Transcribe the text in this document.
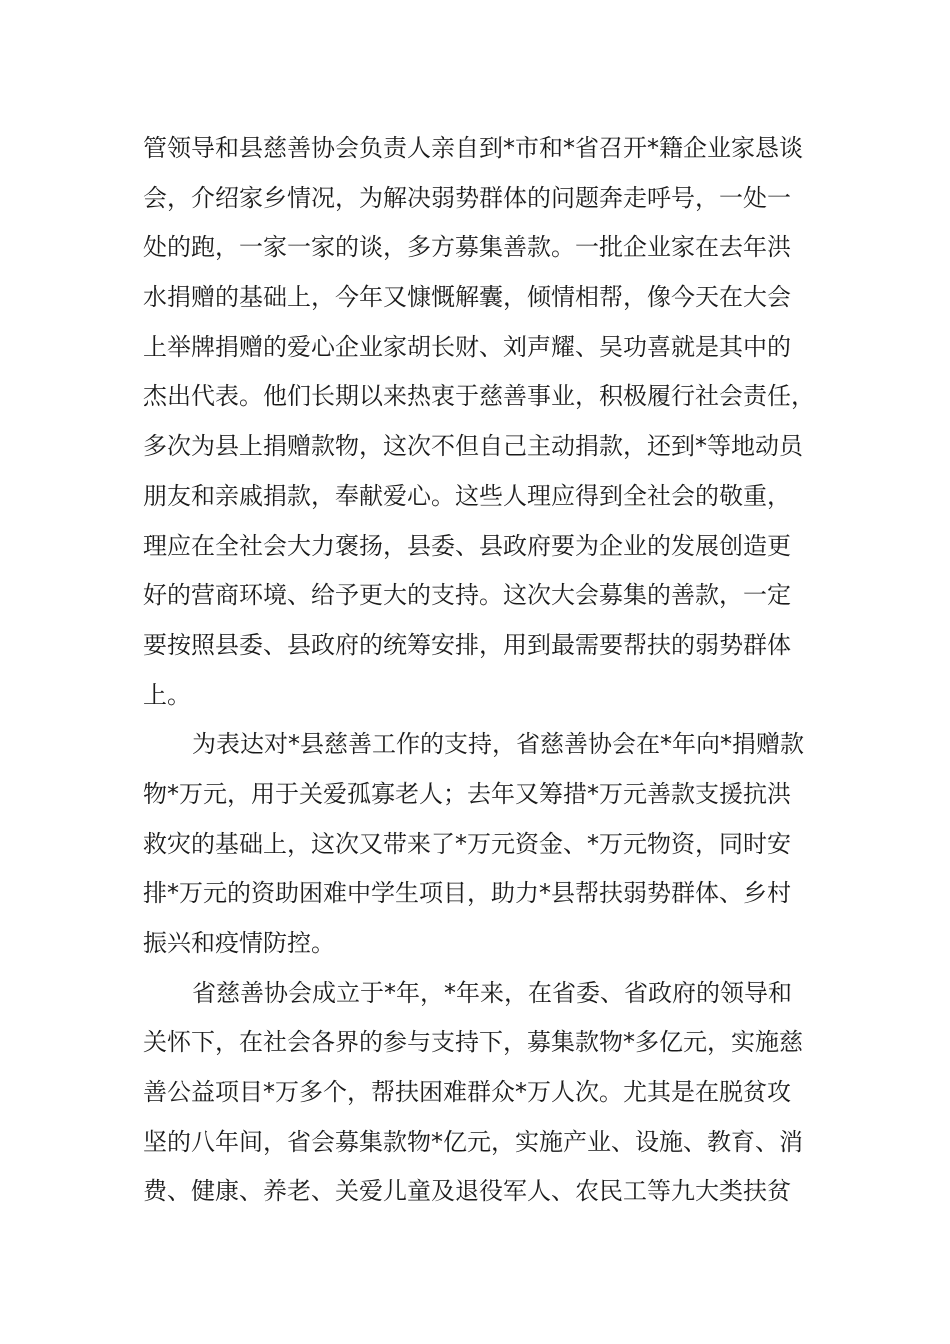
管领导和县慈善协会负责人亲自到*市和*省召开*籍企业家恳谈
会，介绍家乡情况，为解决弱势群体的问题奔走呼号，一处一
处的跑，一家一家的谈，多方募集善款。一批企业家在去年洪
水捐赠的基础上，今年又慷慨解囊，倾情相帮，像今天在大会
上举牌捐赠的爱心企业家胡长财、刘声耀、吴功喜就是其中的
杰出代表。他们长期以来热衷于慈善事业，积极履行社会责任，
多次为县上捐赠款物，这次不但自己主动捐款，还到*等地动员
朋友和亲戚捐款，奉献爱心。这些人理应得到全社会的敬重，
理应在全社会大力褒扬，县委、县政府要为企业的发展创造更
好的营商环境、给予更大的支持。这次大会募集的善款，一定
要按照县委、县政府的统筹安排，用到最需要帮扶的弱势群体
上。
为表达对*县慈善工作的支持，省慈善协会在*年向*捐赠款
物*万元，用于关爱孤寡老人；去年又筹措*万元善款支援抗洪
救灾的基础上，这次又带来了*万元资金、*万元物资，同时安
排*万元的资助困难中学生项目，助力*县帮扶弱势群体、乡村
振兴和疫情防控。
省慈善协会成立于*年，*年来，在省委、省政府的领导和
关怀下，在社会各界的参与支持下，募集款物*多亿元，实施慈
善公益项目*万多个，帮扶困难群众*万人次。尤其是在脱贫攻
坚的八年间，省会募集款物*亿元，实施产业、设施、教育、消
费、健康、养老、关爱儿童及退役军人、农民工等九大类扶贫
